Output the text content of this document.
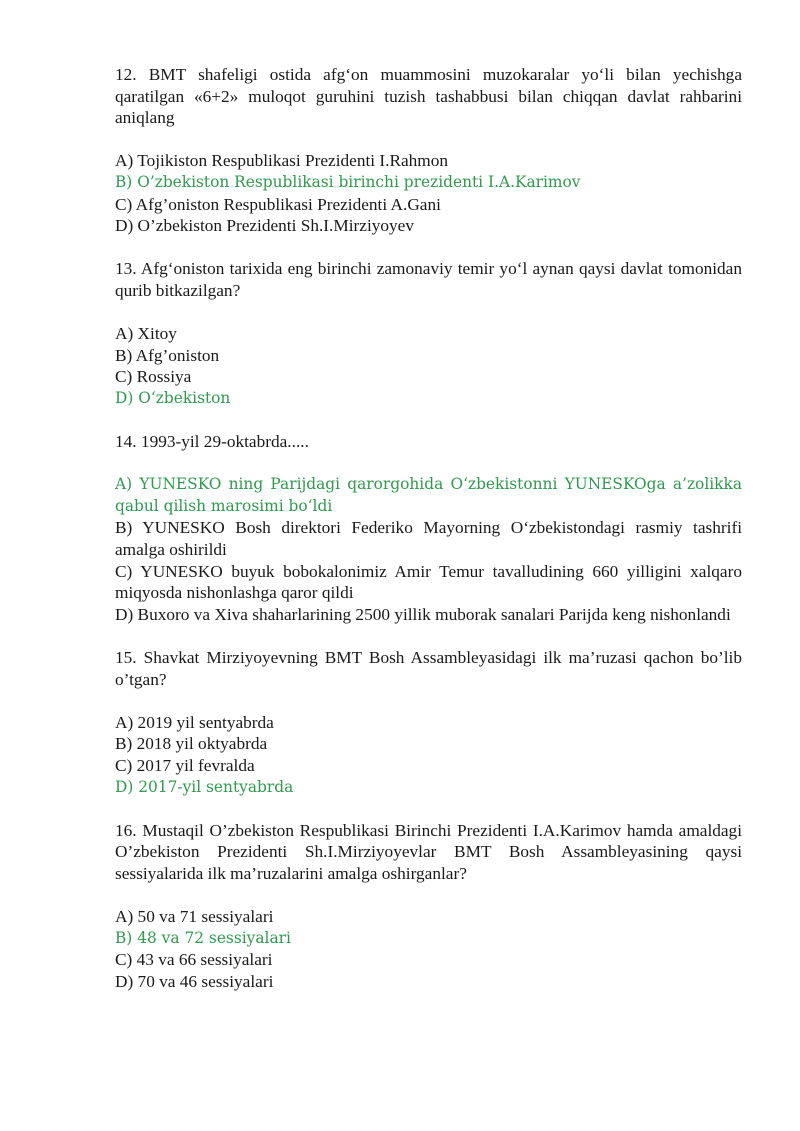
12. BMT shafeligi ostida afg‘on muammosini muzokaralar yo‘li bilan yechishga qaratilgan «6+2» muloqot guruhini tuzish tashabbusi bilan chiqqan davlat rahbarini aniqlang

A) Tojikiston Respublikasi Prezidenti I.Rahmon

B) O’zbekiston Respublikasi birinchi prezidenti I.A.Karimov

C) Afg’oniston Respublikasi Prezidenti A.Gani

D) O’zbekiston Prezidenti Sh.I.Mirziyoyev

13. Afg‘oniston tarixida eng birinchi zamonaviy temir yo‘l aynan qaysi davlat tomonidan qurib bitkazilgan?

A) Xitoy

B) Afg’oniston

C) Rossiya

D) O‘zbekiston

14. 1993-yil 29-oktabrda.....

A) YUNESKO ning Parijdagi qarorgohida O‘zbekistonni YUNESKOga a’zolikka qabul qilish marosimi bo‘ldi

B) YUNESKO Bosh direktori Federiko Mayorning O‘zbekistondagi rasmiy tashrifi amalga oshirildi

C) YUNESKO buyuk bobokalonimiz Amir Temur tavalludining 660 yilligini xalqaro miqyosda nishonlashga qaror qildi

D) Buxoro va Xiva shaharlarining 2500 yillik muborak sanalari Parijda keng nishonlandi

15. Shavkat Mirziyoyevning BMT Bosh Assambleyasidagi ilk ma’ruzasi qachon bo’lib o’tgan?

A) 2019 yil sentyabrda

B) 2018 yil oktyabrda

C) 2017 yil fevralda

D) 2017-yil sentyabrda

16. Mustaqil O’zbekiston Respublikasi Birinchi Prezidenti I.A.Karimov hamda amaldagi O’zbekiston Prezidenti Sh.I.Mirziyoyevlar BMT Bosh Assambleyasining qaysi sessiyalarida ilk ma’ruzalarini amalga oshirganlar?

A) 50 va 71 sessiyalari

B) 48 va 72 sessiyalari

C) 43 va 66 sessiyalari

D) 70 va 46 sessiyalari
